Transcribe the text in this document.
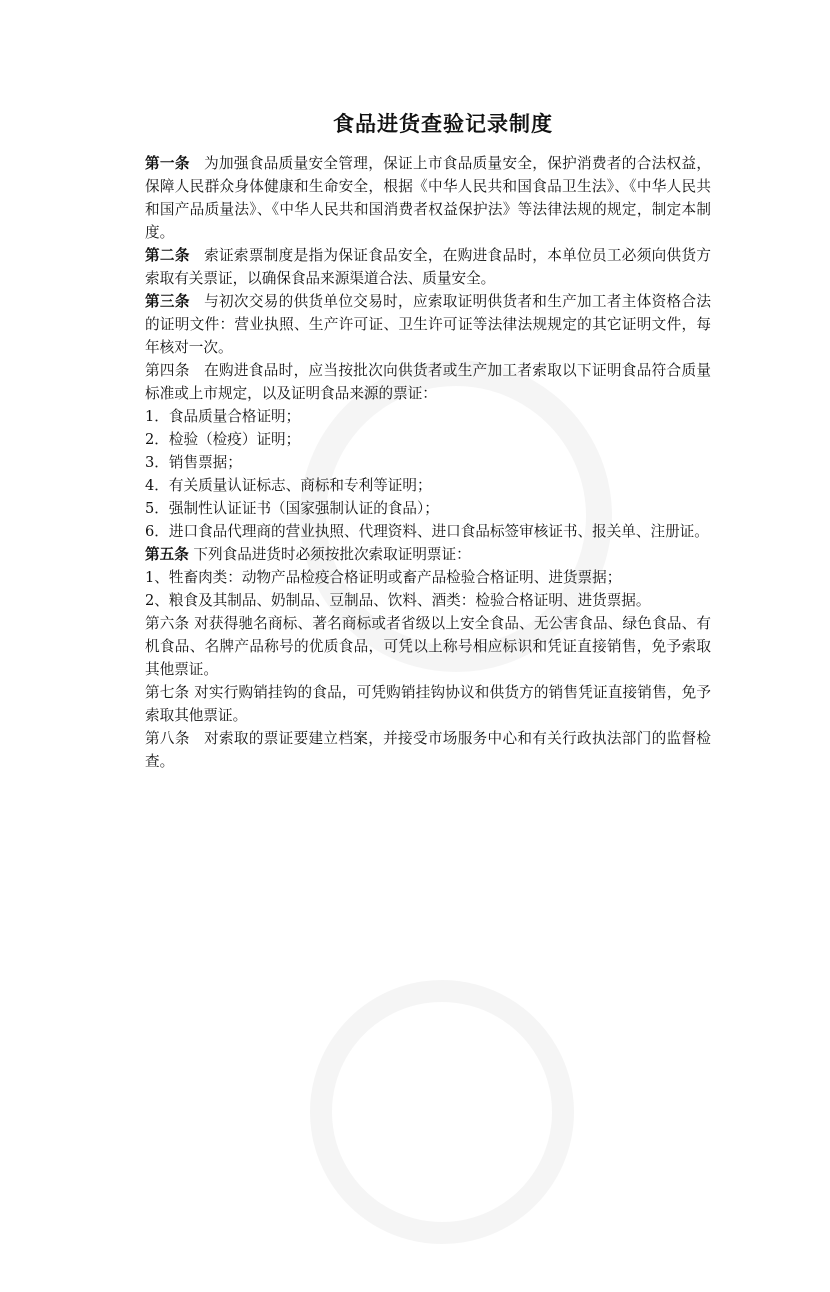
食品进货查验记录制度

第一条 为加强食品质量安全管理，保证上市食品质量安全，保护消费者的合法权益，保障人民群众身体健康和生命安全，根据《中华人民共和国食品卫生法》、《中华人民共和国产品质量法》、《中华人民共和国消费者权益保护法》等法律法规的规定，制定本制度。

第二条 索证索票制度是指为保证食品安全，在购进食品时，本单位员工必须向供货方索取有关票证，以确保食品来源渠道合法、质量安全。

第三条 与初次交易的供货单位交易时，应索取证明供货者和生产加工者主体资格合法的证明文件：营业执照、生产许可证、卫生许可证等法律法规规定的其它证明文件，每年核对一次。

第四条 在购进食品时，应当按批次向供货者或生产加工者索取以下证明食品符合质量标准或上市规定，以及证明食品来源的票证：

1．食品质量合格证明；

2．检验（检疫）证明；

3．销售票据；

4．有关质量认证标志、商标和专利等证明；

5．强制性认证证书（国家强制认证的食品）；

6．进口食品代理商的营业执照、代理资料、进口食品标签审核证书、报关单、注册证。

第五条 下列食品进货时必须按批次索取证明票证：

1、牲畜肉类：动物产品检疫合格证明或畜产品检验合格证明、进货票据；

2、粮食及其制品、奶制品、豆制品、饮料、酒类：检验合格证明、进货票据。

第六条 对获得驰名商标、著名商标或者省级以上安全食品、无公害食品、绿色食品、有机食品、名牌产品称号的优质食品，可凭以上称号相应标识和凭证直接销售，免予索取其他票证。

第七条 对实行购销挂钩的食品，可凭购销挂钩协议和供货方的销售凭证直接销售，免予索取其他票证。

第八条 对索取的票证要建立档案，并接受市场服务中心和有关行政执法部门的监督检查。
